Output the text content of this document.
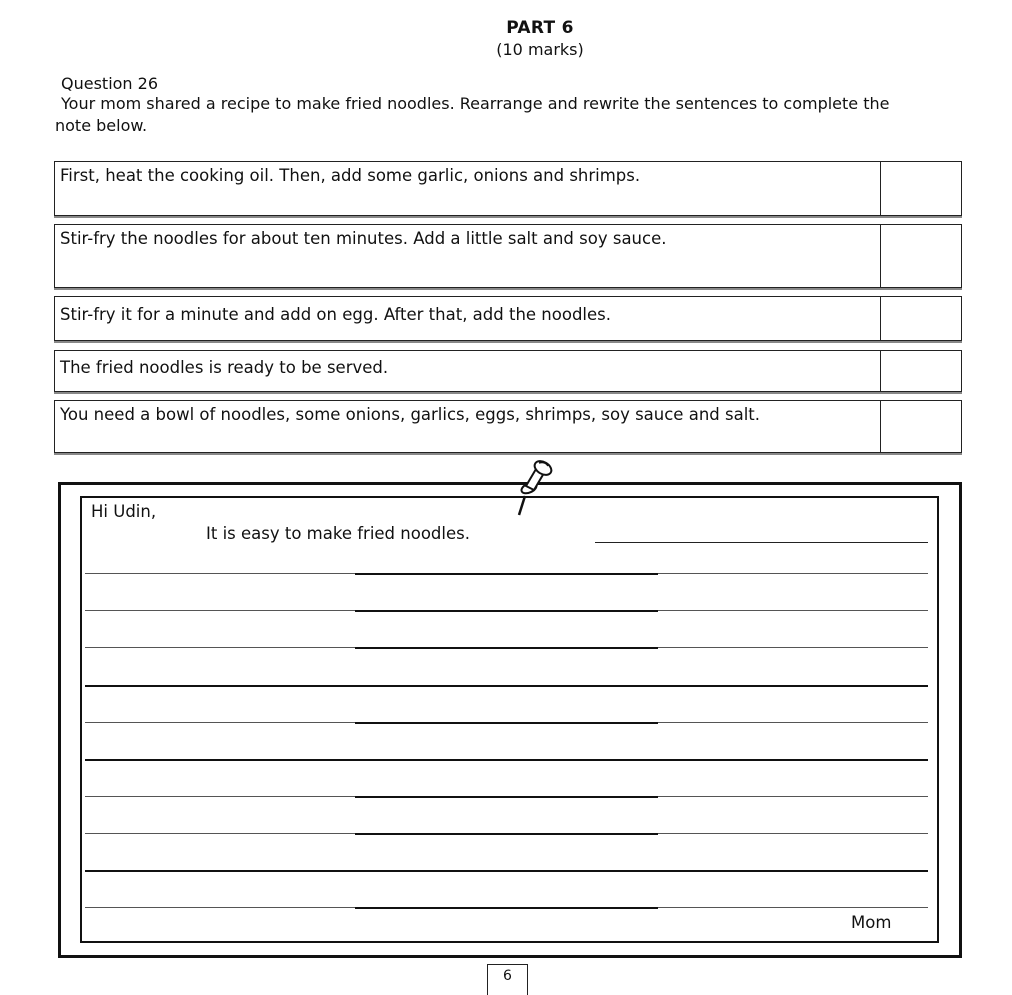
PART 6
(10 marks)
Question 26
Your mom shared a recipe to make fried noodles. Rearrange and rewrite the sentences to complete the note below.
First, heat the cooking oil. Then, add some garlic, onions and shrimps.
Stir-fry the noodles for about ten minutes. Add a little salt and soy sauce.
Stir-fry it for a minute and add on egg. After that, add the noodles.
The fried noodles is ready to be served.
You need a bowl of noodles, some onions, garlics, eggs, shrimps, soy sauce and salt.
Hi Udin,
It is easy to make fried noodles.
Mom
6
